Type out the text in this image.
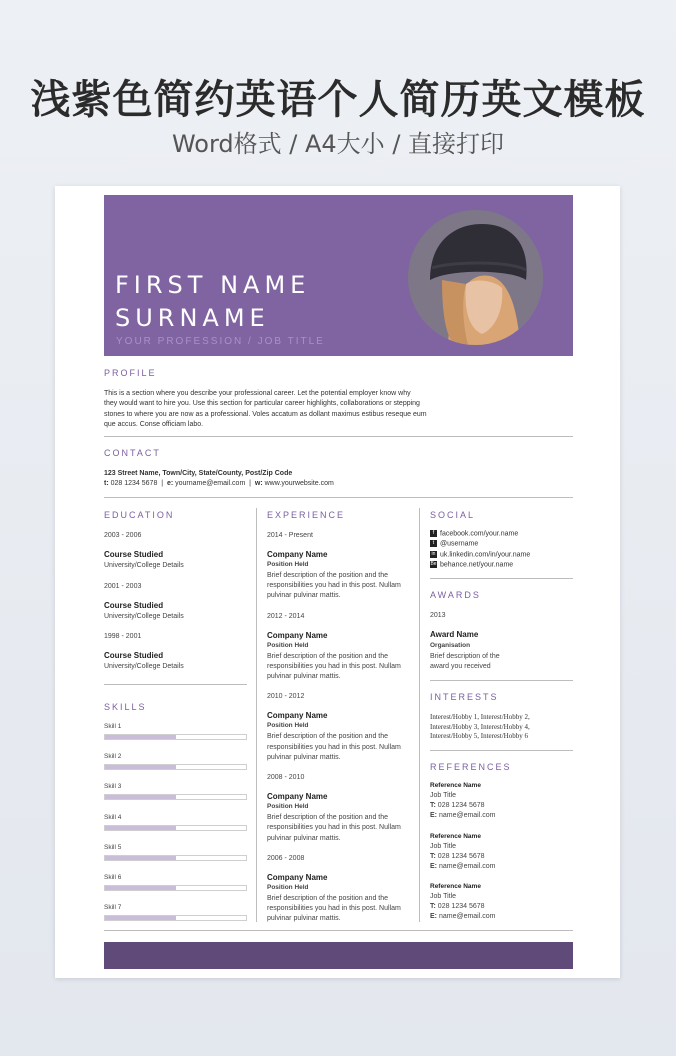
浅紫色简约英语个人简历英文模板
Word格式 / A4大小 / 直接打印
FIRST NAME
SURNAME
YOUR PROFESSION / JOB TITLE
PROFILE
This is a section where you describe your professional career. Let the potential employer know why
they would want to hire you. Use this section for particular career highlights, collaborations or stepping
stones to where you are now as a professional. Voles accatum as dollant maximus estibus reseque eum
que accus. Conse officiam labo.
CONTACT
123 Street Name, Town/City, State/County, Post/Zip Code
t: 028 1234 5678 | e: yourname@email.com | w: www.yourwebsite.com
EDUCATION
2003 - 2006
Course Studied
University/College Details
2001 - 2003
Course Studied
University/College Details
1998 - 2001
Course Studied
University/College Details
SKILLS
Skill 1
Skill 2
Skill 3
Skill 4
Skill 5
Skill 6
Skill 7
EXPERIENCE
2014 - Present
Company Name
Position Held
Brief description of the position and the
responsibilities you had in this post. Nullam
pulvinar pulvinar mattis.
2012 - 2014
Company Name
Position Held
Brief description of the position and the
responsibilities you had in this post. Nullam
pulvinar pulvinar mattis.
2010 - 2012
Company Name
Position Held
Brief description of the position and the
responsibilities you had in this post. Nullam
pulvinar pulvinar mattis.
2008 - 2010
Company Name
Position Held
Brief description of the position and the
responsibilities you had in this post. Nullam
pulvinar pulvinar mattis.
2006 - 2008
Company Name
Position Held
Brief description of the position and the
responsibilities you had in this post. Nullam
pulvinar pulvinar mattis.
SOCIAL
f facebook.com/your.name
t @username
in uk.linkedin.com/in/your.name
Be behance.net/your.name
AWARDS
2013
Award Name
Organisation
Brief description of the
award you received
INTERESTS
Interest/Hobby 1, Interest/Hobby 2,
Interest/Hobby 3, Interest/Hobby 4,
Interest/Hobby 5, Interest/Hobby 6
REFERENCES
Reference Name
Job Title
T: 028 1234 5678
E: name@email.com
Reference Name
Job Title
T: 028 1234 5678
E: name@email.com
Reference Name
Job Title
T: 028 1234 5678
E: name@email.com
